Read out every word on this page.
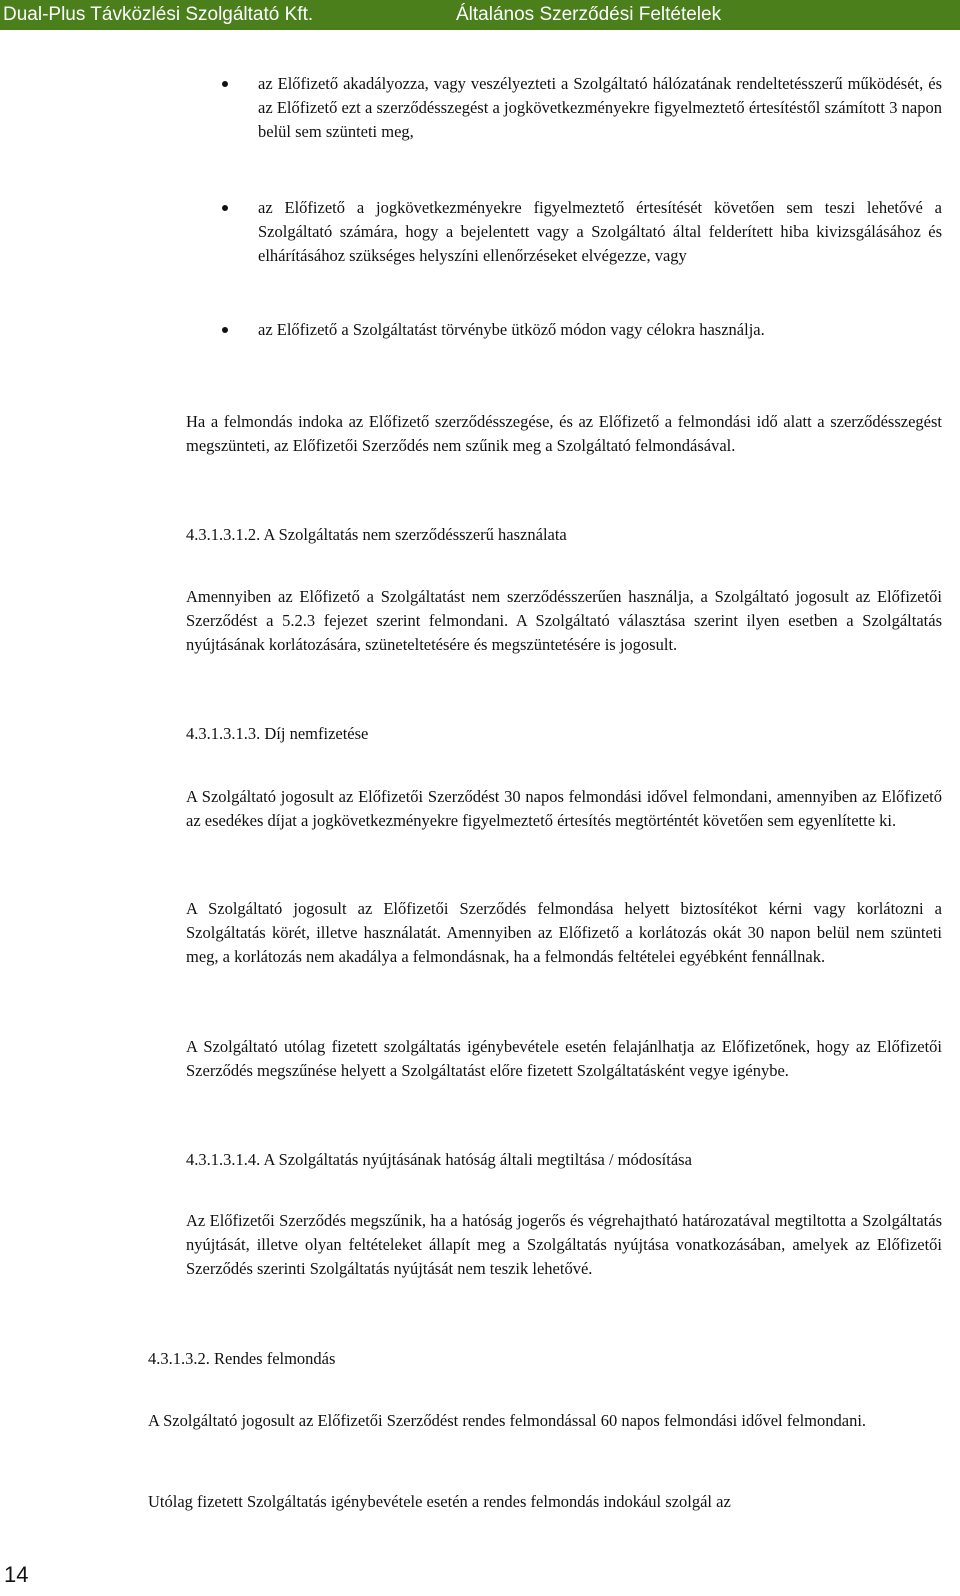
Dual-Plus Távközlési Szolgáltató Kft.	Általános Szerződési Feltételek
az Előfizető akadályozza, vagy veszélyezteti a Szolgáltató hálózatának rendeltetésszerű működését, és az Előfizető ezt a szerződésszegést a jogkövetkezményekre figyelmeztető értesítéstől számított 3 napon belül sem szünteti meg,
az Előfizető a jogkövetkezményekre figyelmeztető értesítését követően sem teszi lehetővé a Szolgáltató számára, hogy a bejelentett vagy a Szolgáltató által felderített hiba kivizsgálásához és elhárításához szükséges helyszíni ellenőrzéseket elvégezze, vagy
az Előfizető a Szolgáltatást törvénybe ütköző módon vagy célokra használja.

Ha a felmondás indoka az Előfizető szerződésszegése, és az Előfizető a felmondási idő alatt a szerződésszegést megszünteti, az Előfizetői Szerződés nem szűnik meg a Szolgáltató felmondásával.

4.3.1.3.1.2. A Szolgáltatás nem szerződésszerű használata

Amennyiben az Előfizető a Szolgáltatást nem szerződésszerűen használja, a Szolgáltató jogosult az Előfizetői Szerződést a 5.2.3 fejezet szerint felmondani. A Szolgáltató választása szerint ilyen esetben a Szolgáltatás nyújtásának korlátozására, szüneteltetésére és megszüntetésére is jogosult.

4.3.1.3.1.3. Díj nemfizetése

A Szolgáltató jogosult az Előfizetői Szerződést 30 napos felmondási idővel felmondani, amennyiben az Előfizető az esedékes díjat a jogkövetkezményekre figyelmeztető értesítés megtörténtét követően sem egyenlítette ki.

A Szolgáltató jogosult az Előfizetői Szerződés felmondása helyett biztosítékot kérni vagy korlátozni a Szolgáltatás körét, illetve használatát. Amennyiben az Előfizető a korlátozás okát 30 napon belül nem szünteti meg, a korlátozás nem akadálya a felmondásnak, ha a felmondás feltételei egyébként fennállnak.

A Szolgáltató utólag fizetett szolgáltatás igénybevétele esetén felajánlhatja az Előfizetőnek, hogy az Előfizetői Szerződés megszűnése helyett a Szolgáltatást előre fizetett Szolgáltatásként vegye igénybe.

4.3.1.3.1.4. A Szolgáltatás nyújtásának hatóság általi megtiltása / módosítása

Az Előfizetői Szerződés megszűnik, ha a hatóság jogerős és végrehajtható határozatával megtiltotta a Szolgáltatás nyújtását, illetve olyan feltételeket állapít meg a Szolgáltatás nyújtása vonatkozásában, amelyek az Előfizetői Szerződés szerinti Szolgáltatás nyújtását nem teszik lehetővé.

4.3.1.3.2. Rendes felmondás

A Szolgáltató jogosult az Előfizetői Szerződést rendes felmondással 60 napos felmondási idővel felmondani.

Utólag fizetett Szolgáltatás igénybevétele esetén a rendes felmondás indokául szolgál az

14
